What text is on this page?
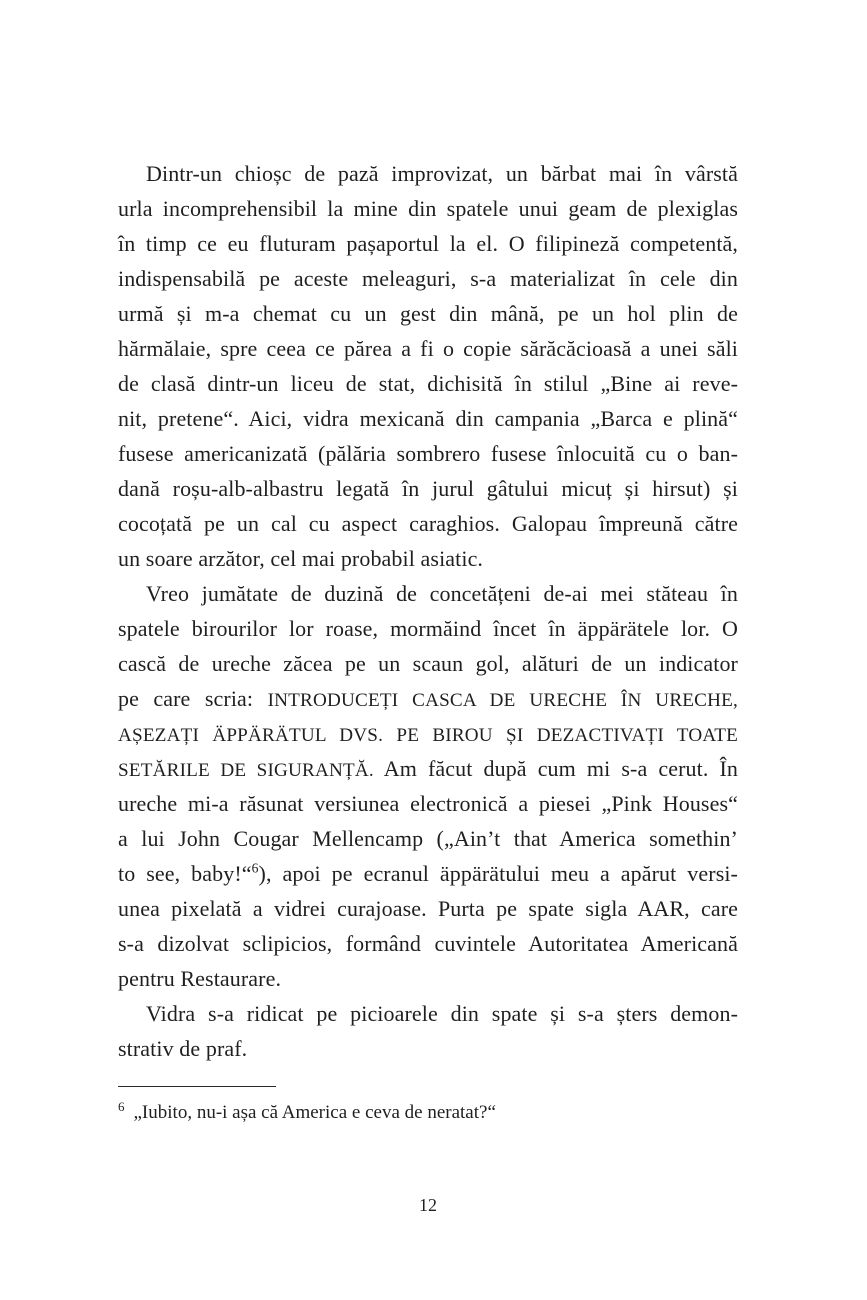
Dintr-un chioșc de pază improvizat, un bărbat mai în vârstă
urla incomprehensibil la mine din spatele unui geam de plexiglas
în timp ce eu fluturam pașaportul la el. O filipineză competentă,
indispensabilă pe aceste meleaguri, s-a materializat în cele din
urmă și m-a chemat cu un gest din mână, pe un hol plin de
hărmălaie, spre ceea ce părea a fi o copie sărăcăcioasă a unei săli
de clasă dintr-un liceu de stat, dichisită în stilul „Bine ai reve-
nit, pretene“. Aici, vidra mexicană din campania „Barca e plină“
fusese americanizată (pălăria sombrero fusese înlocuită cu o ban-
dană roșu-alb-albastru legată în jurul gâtului micuț și hirsut) și
cocoțată pe un cal cu aspect caraghios. Galopau împreună către
un soare arzător, cel mai probabil asiatic.
Vreo jumătate de duzină de concetățeni de-ai mei stăteau în
spatele birourilor lor roase, mormăind încet în äppärätele lor. O
cască de ureche zăcea pe un scaun gol, alături de un indicator
pe care scria: INTRODUCEȚI CASCA DE URECHE ÎN URECHE,
AȘEZAȚI ÄPPÄRÄTUL DVS. PE BIROU ȘI DEZACTIVAȚI TOATE
SETĂRILE DE SIGURANȚĂ. Am făcut după cum mi s-a cerut. În
ureche mi-a răsunat versiunea electronică a piesei „Pink Houses“
a lui John Cougar Mellencamp („Ain’t that America somethin’
to see, baby!“$^6$), apoi pe ecranul äppärätului meu a apărut versi-
unea pixelată a vidrei curajoase. Purta pe spate sigla AAR, care
s-a dizolvat sclipicios, formând cuvintele Autoritatea Americană
pentru Restaurare.
Vidra s-a ridicat pe picioarele din spate și s-a șters demon-
strativ de praf.
$^6$ „Iubito, nu-i așa că America e ceva de neratat?“
12
